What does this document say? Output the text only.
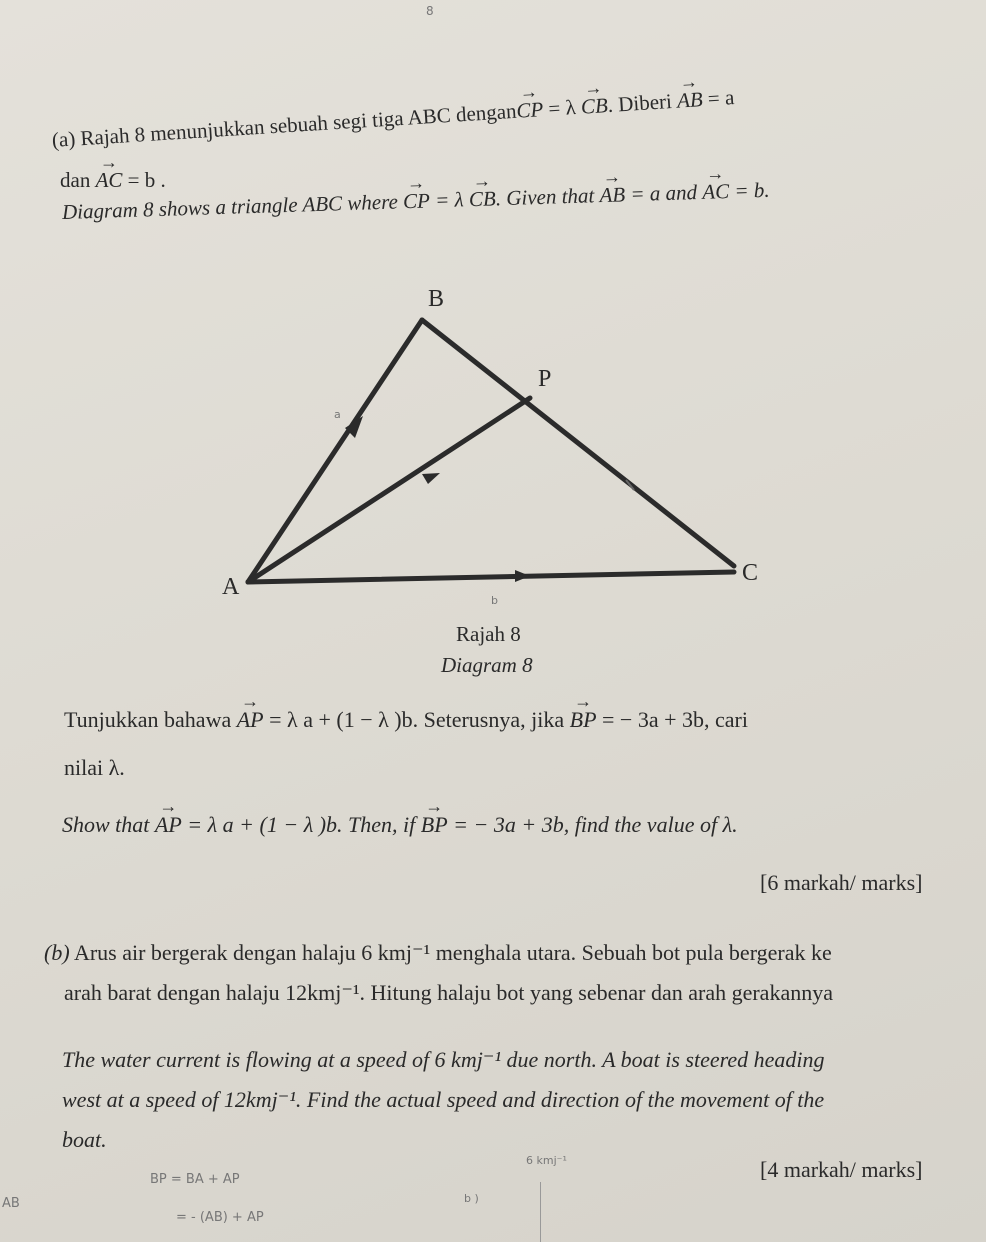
8
(a) Rajah 8 menunjukkan sebuah segi tiga ABC dengan→ CP = λ → CB. Diberi → AB = a
dan → AC = b .
Diagram 8 shows a triangle ABC where → CP = λ → CB. Given that → AB = a and → AC = b.
B
P
A
C
a
b
Rajah 8
Diagram 8
Tunjukkan bahawa → AP = λ a + (1 − λ )b. Seterusnya, jika → BP = − 3a + 3b, cari
nilai λ.
Show that → AP = λ a + (1 − λ )b. Then, if → BP = − 3a + 3b, find the value of λ.
[6 markah/ marks]
(b) Arus air bergerak dengan halaju 6 kmj⁻¹ menghala utara. Sebuah bot pula bergerak ke
arah barat dengan halaju 12kmj⁻¹. Hitung halaju bot yang sebenar dan arah gerakannya
The water current is flowing at a speed of 6 kmj⁻¹ due north. A boat is steered heading
west at a speed of 12kmj⁻¹. Find the actual speed and direction of the movement of the
boat.
[4 markah/ marks]
BP = BA + AP
= - (AB) + AP
6 kmj⁻¹
b )
AB
